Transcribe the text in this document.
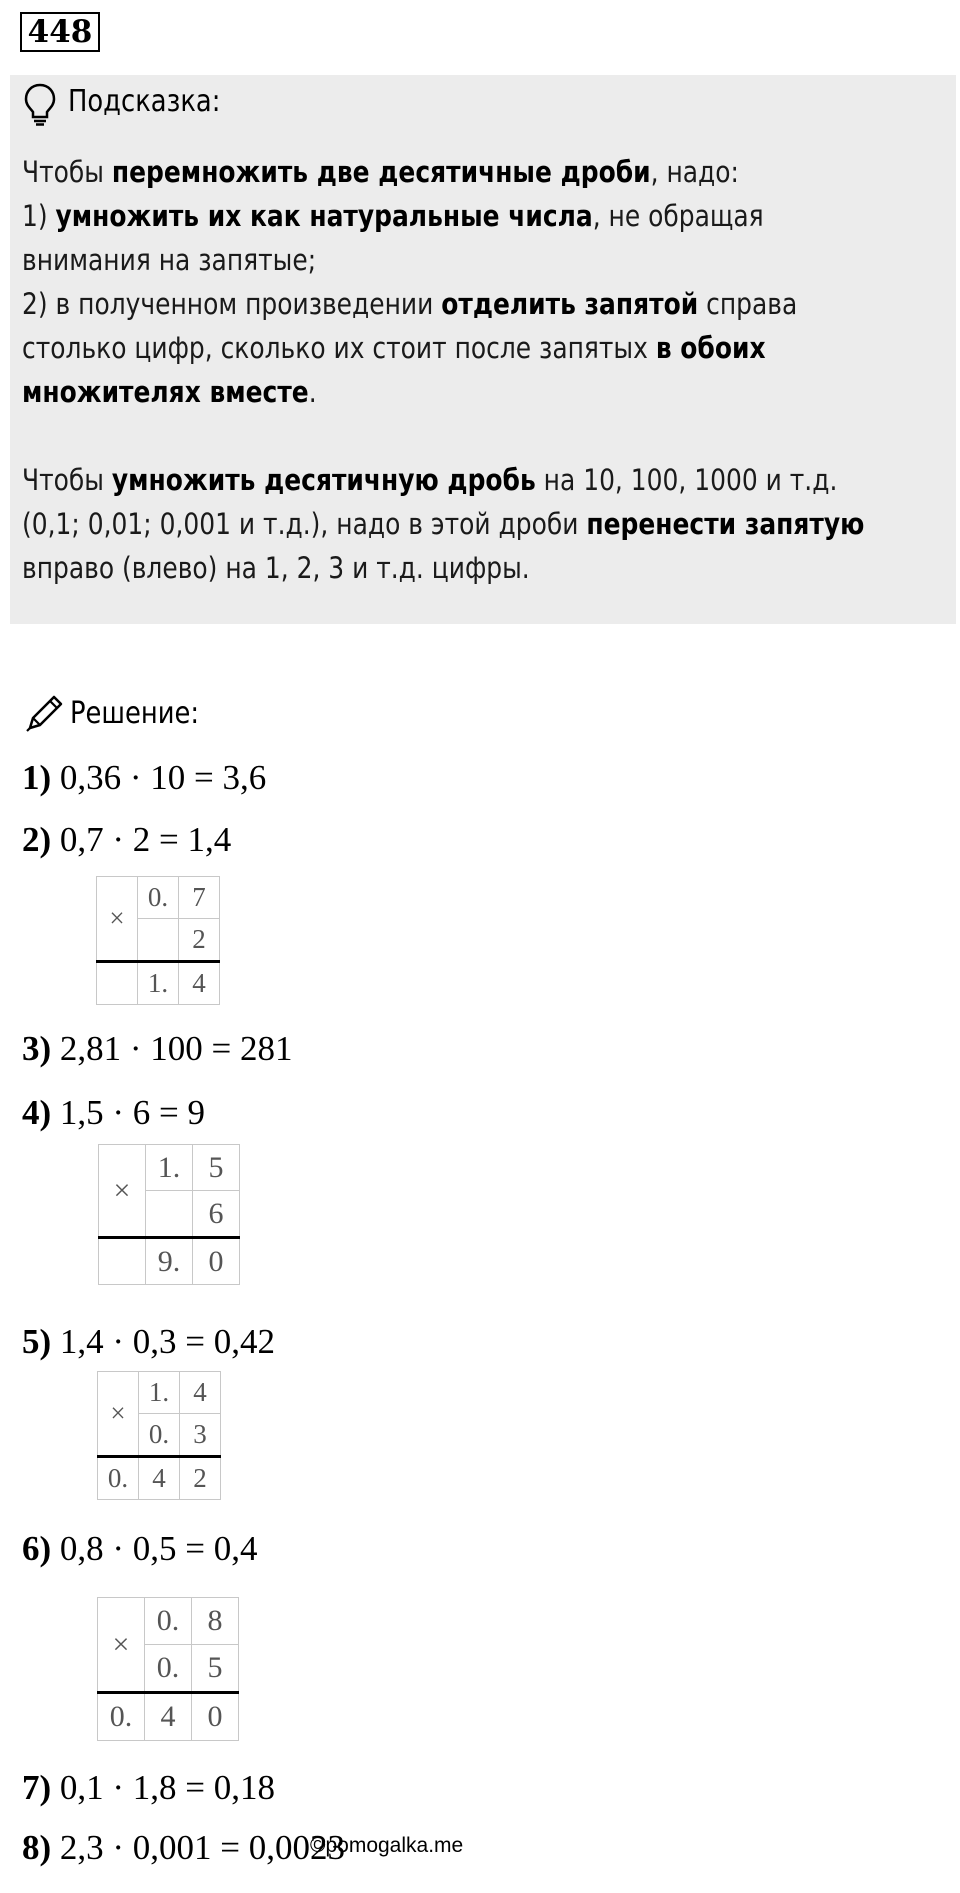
448
Подсказка:
Чтобы перемножить две десятичные дроби, надо:
1) умножить их как натуральные числа, не обращая
внимания на запятые;
2) в полученном произведении отделить запятой справа
столько цифр, сколько их стоит после запятых в обоих
множителях вместе.
Чтобы умножить десятичную дробь на 10, 100, 1000 и т.д.
(0,1; 0,01; 0,001 и т.д.), надо в этой дроби перенести запятую
вправо (влево) на 1, 2, 3 и т.д. цифры.
Решение:
1) 0,36 · 10 = 3,6
2) 0,7 · 2 = 1,4
3) 2,81 · 100 = 281
4) 1,5 · 6 = 9
5) 1,4 · 0,3 = 0,42
6) 0,8 · 0,5 = 0,4
7) 0,1 · 1,8 = 0,18
8) 2,3 · 0,001 = 0,0023
×	0.	7
		2
	1.	4
×	1.	5
		6
	9.	0
×	1.	4
	0.	3
0.	4	2
×	0.	8
	0.	5
0.	4	0
©pomogalka.me
